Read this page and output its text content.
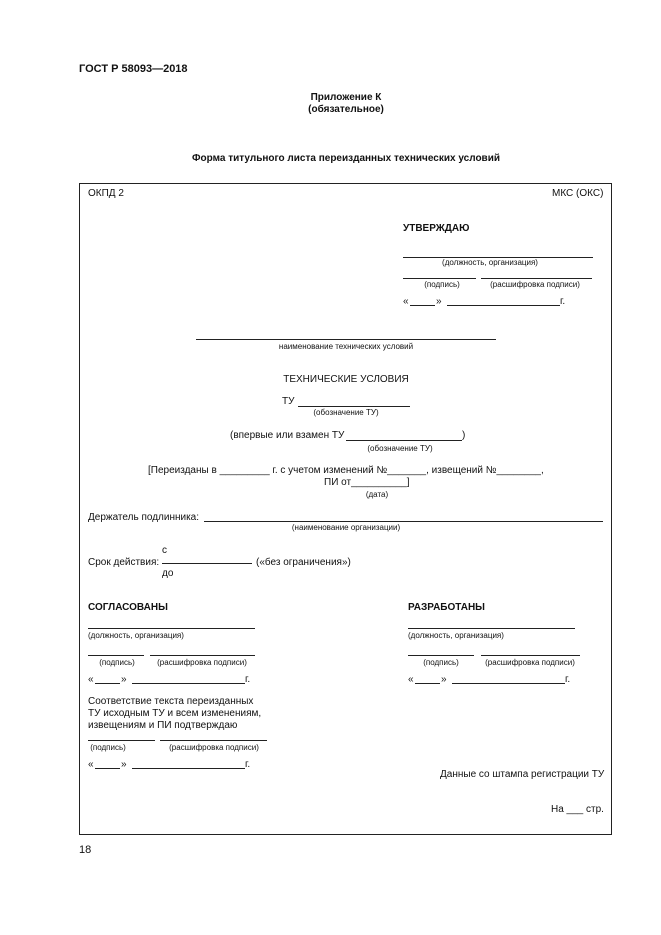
ГОСТ Р 58093—2018
Приложение К
(обязательное)
Форма титульного листа переизданных технических условий
ОКПД 2	МКС (ОКС)
УТВЕРЖДАЮ
(должность, организация)
(подпись)	(расшифровка подписи)
«	»	г.
наименование технических условий
ТЕХНИЧЕСКИЕ УСЛОВИЯ
ТУ
(обозначение ТУ)
(впервые или взамен ТУ	)
(обозначение ТУ)
[Переизданы в _________ г. с учетом изменений №_______, извещений №________,
ПИ от__________]
(дата)
Держатель подлинника:
(наименование организации)
с
Срок действия:	(«без ограничения»)
до
СОГЛАСОВАНЫ
(должность, организация)
(подпись)	(расшифровка подписи)
«	»	г.
РАЗРАБОТАНЫ
(должность, организация)
(подпись)	(расшифровка подписи)
«	»	г.
Соответствие текста переизданных
ТУ исходным ТУ и всем изменениям,
извещениям и ПИ подтверждаю
(подпись)	(расшифровка подписи)
«	»	г.
Данные со штампа регистрации ТУ
На ___ стр.
18
